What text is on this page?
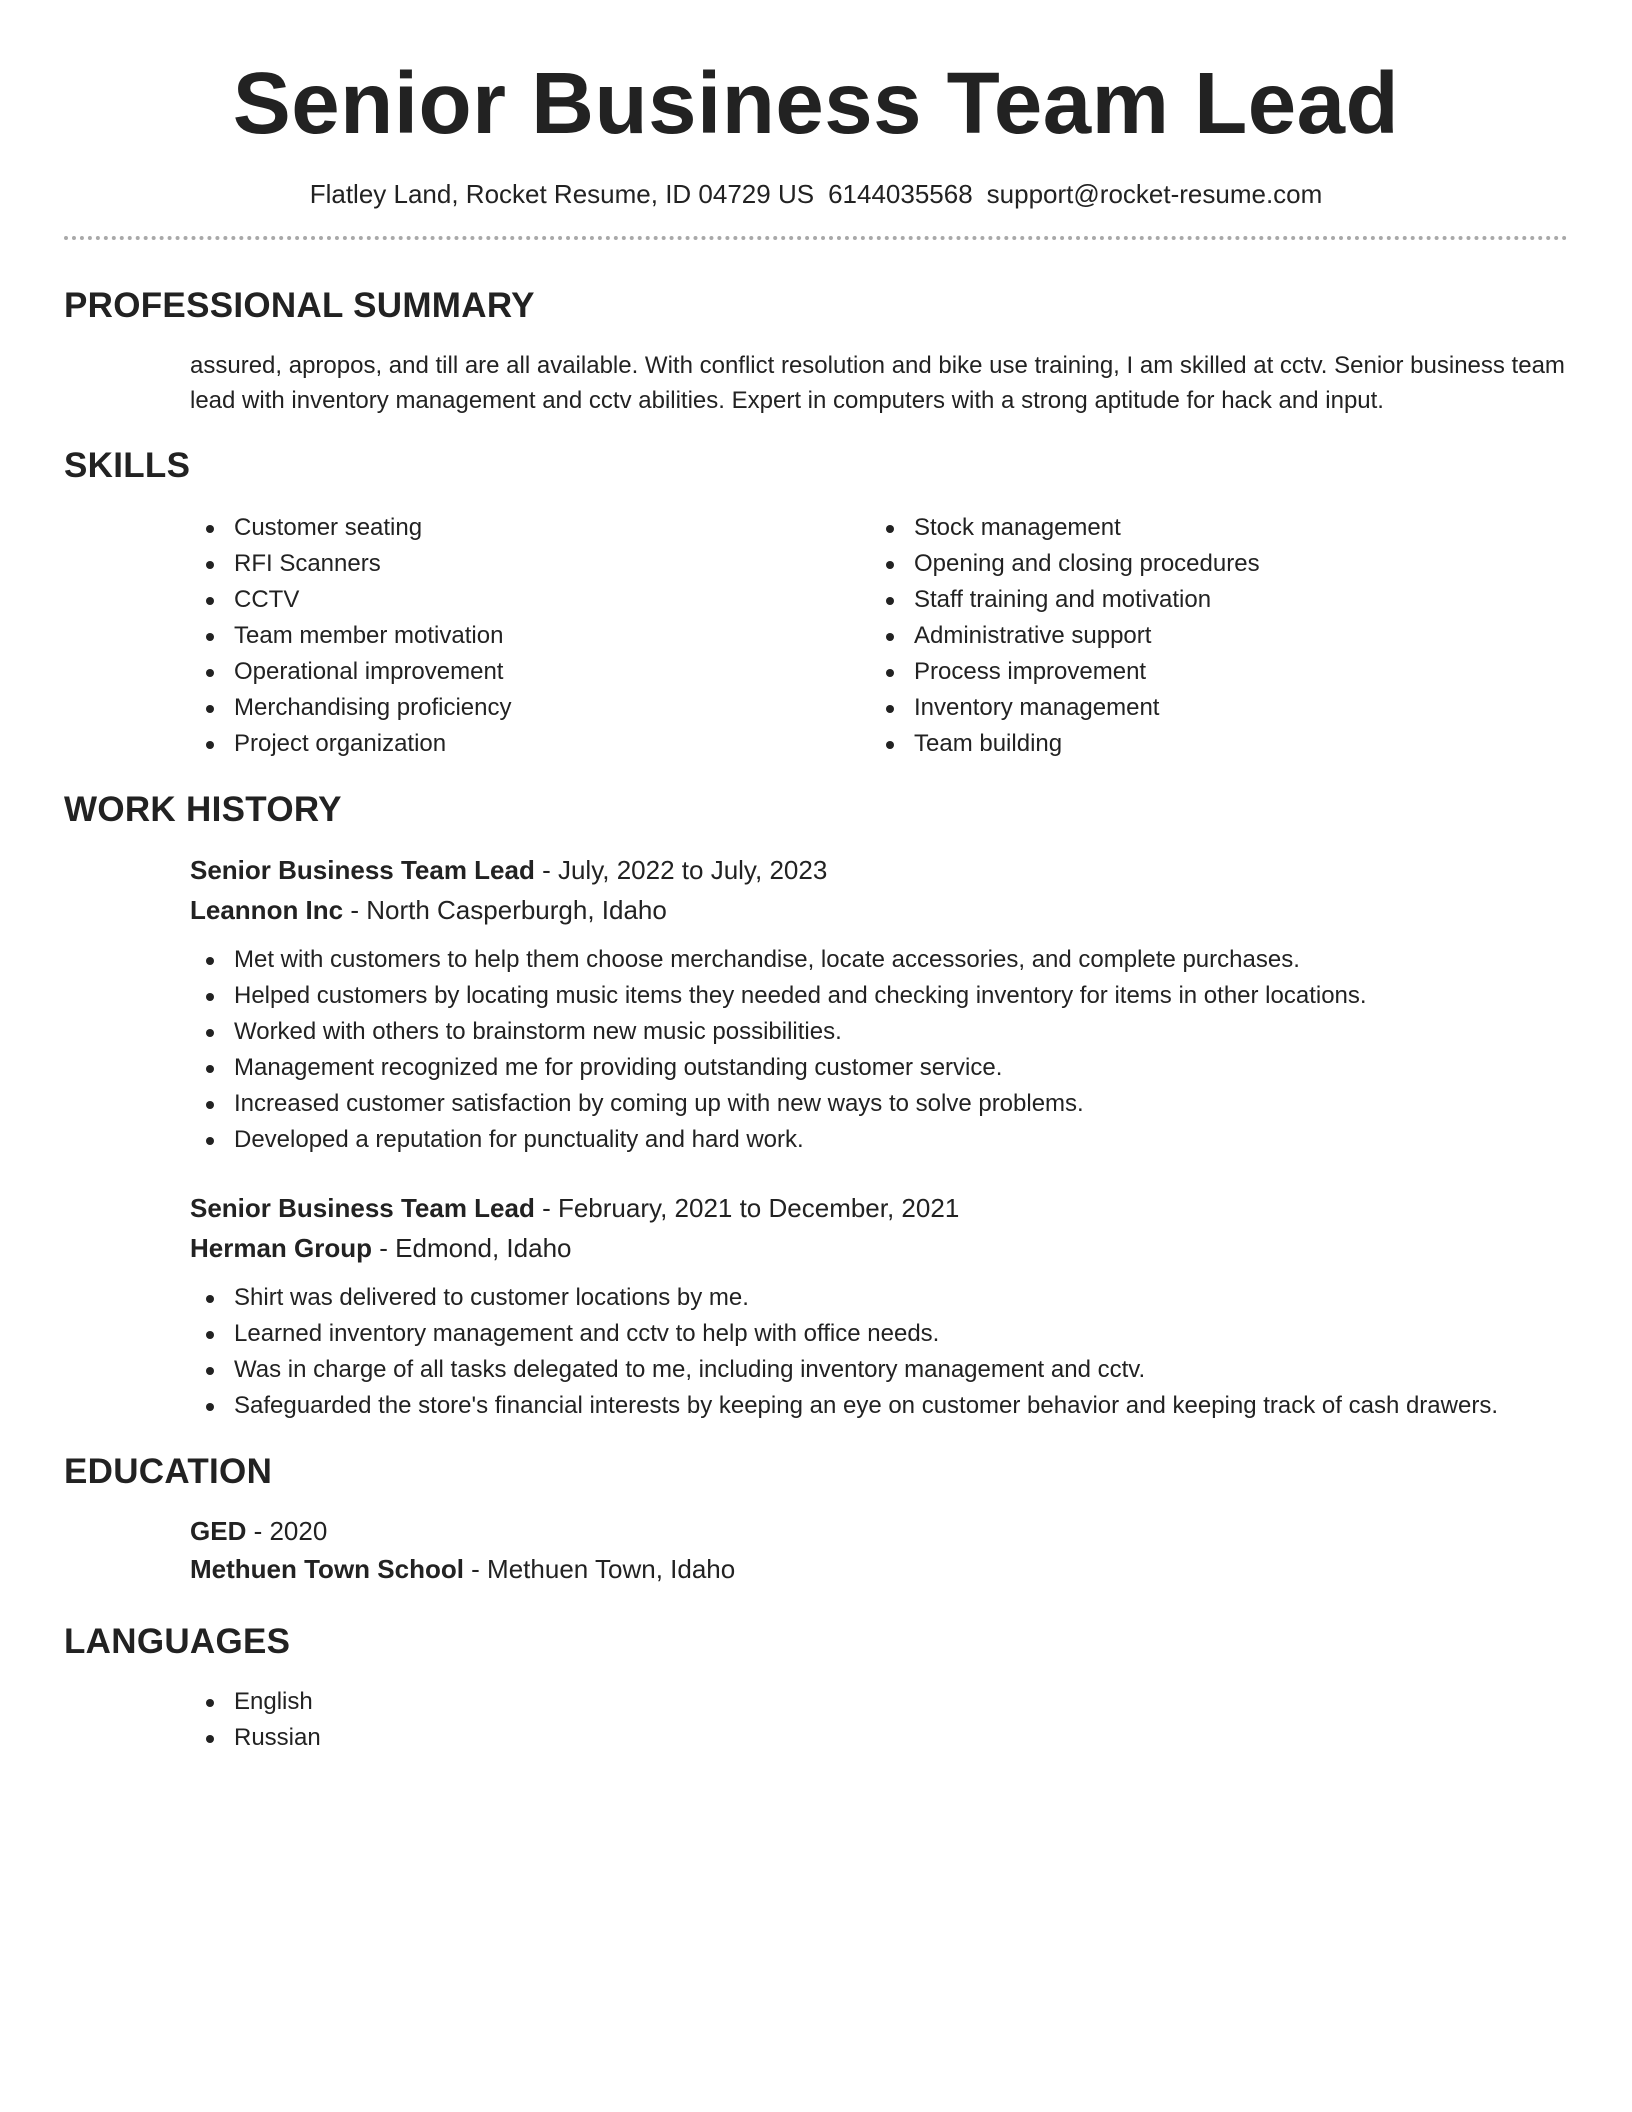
Senior Business Team Lead
Flatley Land, Rocket Resume, ID 04729 US 6144035568 support@rocket-resume.com
PROFESSIONAL SUMMARY

assured, apropos, and till are all available. With conflict resolution and bike use training, I am skilled at cctv. Senior business team lead with inventory management and cctv abilities. Expert in computers with a strong aptitude for hack and input.

SKILLS
Customer seating
RFI Scanners
CCTV
Team member motivation
Operational improvement
Merchandising proficiency
Project organization
Stock management
Opening and closing procedures
Staff training and motivation
Administrative support
Process improvement
Inventory management
Team building
WORK HISTORY
Senior Business Team Lead - July, 2022 to July, 2023
Leannon Inc - North Casperburgh, Idaho
Met with customers to help them choose merchandise, locate accessories, and complete purchases.
Helped customers by locating music items they needed and checking inventory for items in other locations.
Worked with others to brainstorm new music possibilities.
Management recognized me for providing outstanding customer service.
Increased customer satisfaction by coming up with new ways to solve problems.
Developed a reputation for punctuality and hard work.
Senior Business Team Lead - February, 2021 to December, 2021
Herman Group - Edmond, Idaho
Shirt was delivered to customer locations by me.
Learned inventory management and cctv to help with office needs.
Was in charge of all tasks delegated to me, including inventory management and cctv.
Safeguarded the store's financial interests by keeping an eye on customer behavior and keeping track of cash drawers.
EDUCATION
GED - 2020
Methuen Town School - Methuen Town, Idaho
LANGUAGES
English
Russian
